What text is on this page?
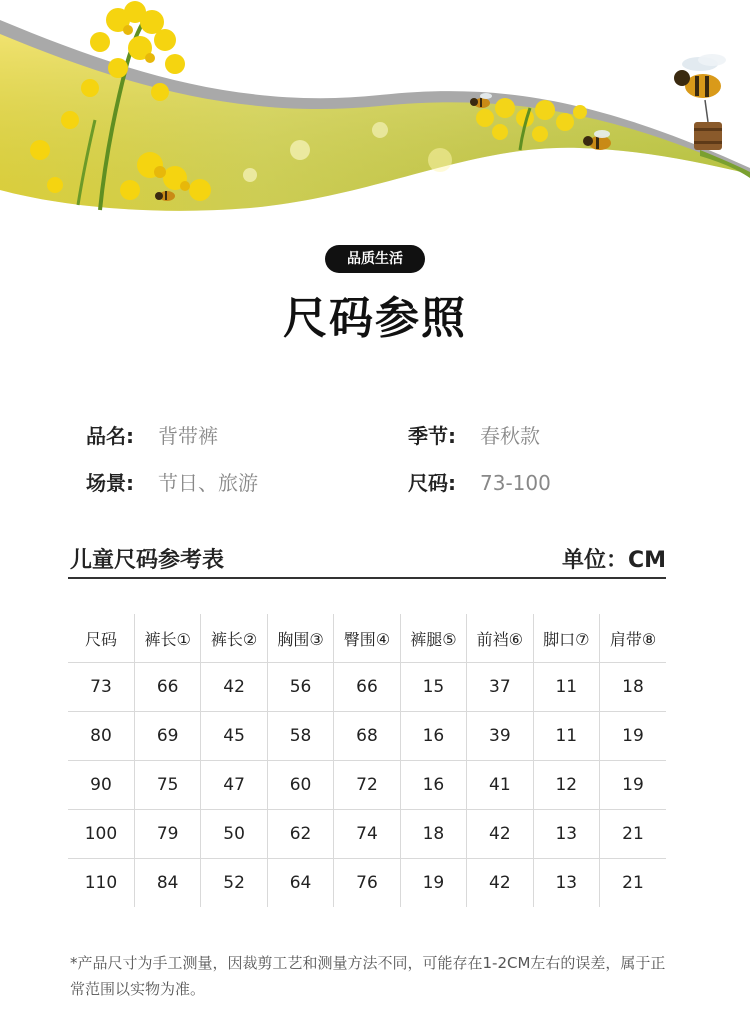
品质生活
尺码参照
品名: 背带裤	季节: 春秋款
场景: 节日、旅游	尺码: 73-100
儿童尺码参考表	单位：CM
尺码	裤长①	裤长②	胸围③	臀围④	裤腿⑤	前裆⑥	脚口⑦	肩带⑧
73	66	42	56	66	15	37	11	18
80	69	45	58	68	16	39	11	19
90	75	47	60	72	16	41	12	19
100	79	50	62	74	18	42	13	21
110	84	52	64	76	19	42	13	21
*产品尺寸为手工测量，因裁剪工艺和测量方法不同，可能存在1-2CM左右的误差，属于正常范围以实物为准。
